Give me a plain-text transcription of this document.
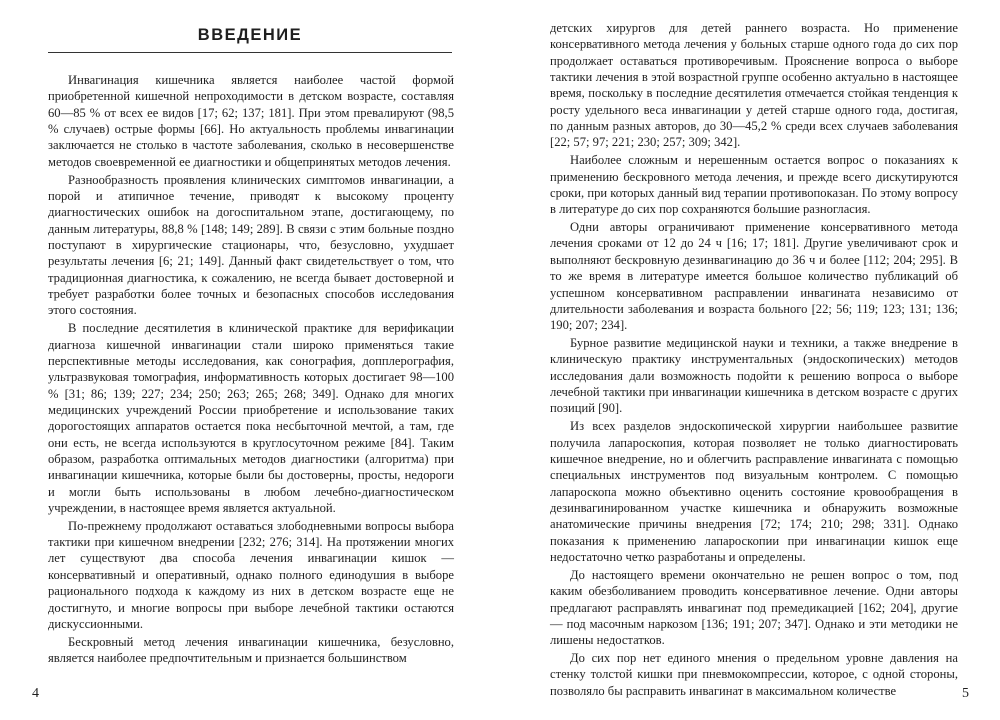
ВВЕДЕНИЕ

Инвагинация кишечника является наиболее частой формой приобретенной кишечной непроходимости в детском возрасте, составляя 60—85 % от всех ее видов [17; 62; 137; 181]. При этом превалируют (98,5 % случаев) острые формы [66]. Но актуальность проблемы инвагинации заключается не столько в частоте заболевания, сколько в несовершенстве методов своевременной ее диагностики и общепринятых методов лечения.

Разнообразность проявления клинических симптомов инвагинации, а порой и атипичное течение, приводят к высокому проценту диагностических ошибок на догоспитальном этапе, достигающему, по данным литературы, 88,8 % [148; 149; 289]. В связи с этим больные поздно поступают в хирургические стационары, что, безусловно, ухудшает результаты лечения [6; 21; 149]. Данный факт свидетельствует о том, что традиционная диагностика, к сожалению, не всегда бывает достоверной и требует разработки более точных и безопасных способов исследования этого состояния.

В последние десятилетия в клинической практике для верификации диагноза кишечной инвагинации стали широко применяться такие перспективные методы исследования, как сонография, допплерография, ультразвуковая томография, информативность которых достигает 98—100 % [31; 86; 139; 227; 234; 250; 263; 265; 268; 349]. Однако для многих медицинских учреждений России приобретение и использование таких дорогостоящих аппаратов остается пока несбыточной мечтой, а там, где они есть, не всегда используются в круглосуточном режиме [84]. Таким образом, разработка оптимальных методов диагностики (алгоритма) при инвагинации кишечника, которые были бы достоверны, просты, недороги и могли быть использованы в любом лечебно-диагностическом учреждении, в настоящее время является актуальной.

По-прежнему продолжают оставаться злободневными вопросы выбора тактики при кишечном внедрении [232; 276; 314]. На протяжении многих лет существуют два способа лечения инвагинации кишок — консервативный и оперативный, однако полного единодушия в выборе рационального подхода к каждому из них в детском возрасте еще не достигнуто, и многие вопросы при выборе лечебной тактики остаются дискуссионными.

Бескровный метод лечения инвагинации кишечника, безусловно, является наиболее предпочтительным и признается большинством

4

детских хирургов для детей раннего возраста. Но применение консервативного метода лечения у больных старше одного года до сих пор продолжает оставаться противоречивым. Прояснение вопроса о выборе тактики лечения в этой возрастной группе особенно актуально в настоящее время, поскольку в последние десятилетия отмечается стойкая тенденция к росту удельного веса инвагинации у детей старше одного года, достигая, по данным разных авторов, до 30—45,2 % среди всех случаев заболевания [22; 57; 97; 221; 230; 257; 309; 342].

Наиболее сложным и нерешенным остается вопрос о показаниях к применению бескровного метода лечения, и прежде всего дискутируются сроки, при которых данный вид терапии противопоказан. По этому вопросу в литературе до сих пор сохраняются большие разногласия.

Одни авторы ограничивают применение консервативного метода лечения сроками от 12 до 24 ч [16; 17; 181]. Другие увеличивают срок и выполняют бескровную дезинвагинацию до 36 ч и более [112; 204; 295]. В то же время в литературе имеется большое количество публикаций об успешном консервативном расправлении инвагината независимо от длительности заболевания и возраста больного [22; 56; 119; 123; 131; 136; 190; 207; 234].

Бурное развитие медицинской науки и техники, а также внедрение в клиническую практику инструментальных (эндоскопических) методов исследования дали возможность подойти к решению вопроса о выборе лечебной тактики при инвагинации кишечника в детском возрасте с других позиций [90].

Из всех разделов эндоскопической хирургии наибольшее развитие получила лапароскопия, которая позволяет не только диагностировать кишечное внедрение, но и облегчить расправление инвагината с помощью специальных инструментов под визуальным контролем. С помощью лапароскопа можно объективно оценить состояние кровообращения в дезинвагинированном участке кишечника и обнаружить возможные анатомические причины внедрения [72; 174; 210; 298; 331]. Однако показания к применению лапароскопии при инвагинации кишок еще недостаточно четко разработаны и определены.

До настоящего времени окончательно не решен вопрос о том, под каким обезболиванием проводить консервативное лечение. Одни авторы предлагают расправлять инвагинат под премедикацией [162; 204], другие — под масочным наркозом [136; 191; 207; 347]. Однако и эти методики не лишены недостатков.

До сих пор нет единого мнения о предельном уровне давления на стенку толстой кишки при пневмокомпрессии, которое, с одной стороны, позволяло бы расправить инвагинат в максимальном количестве	5
